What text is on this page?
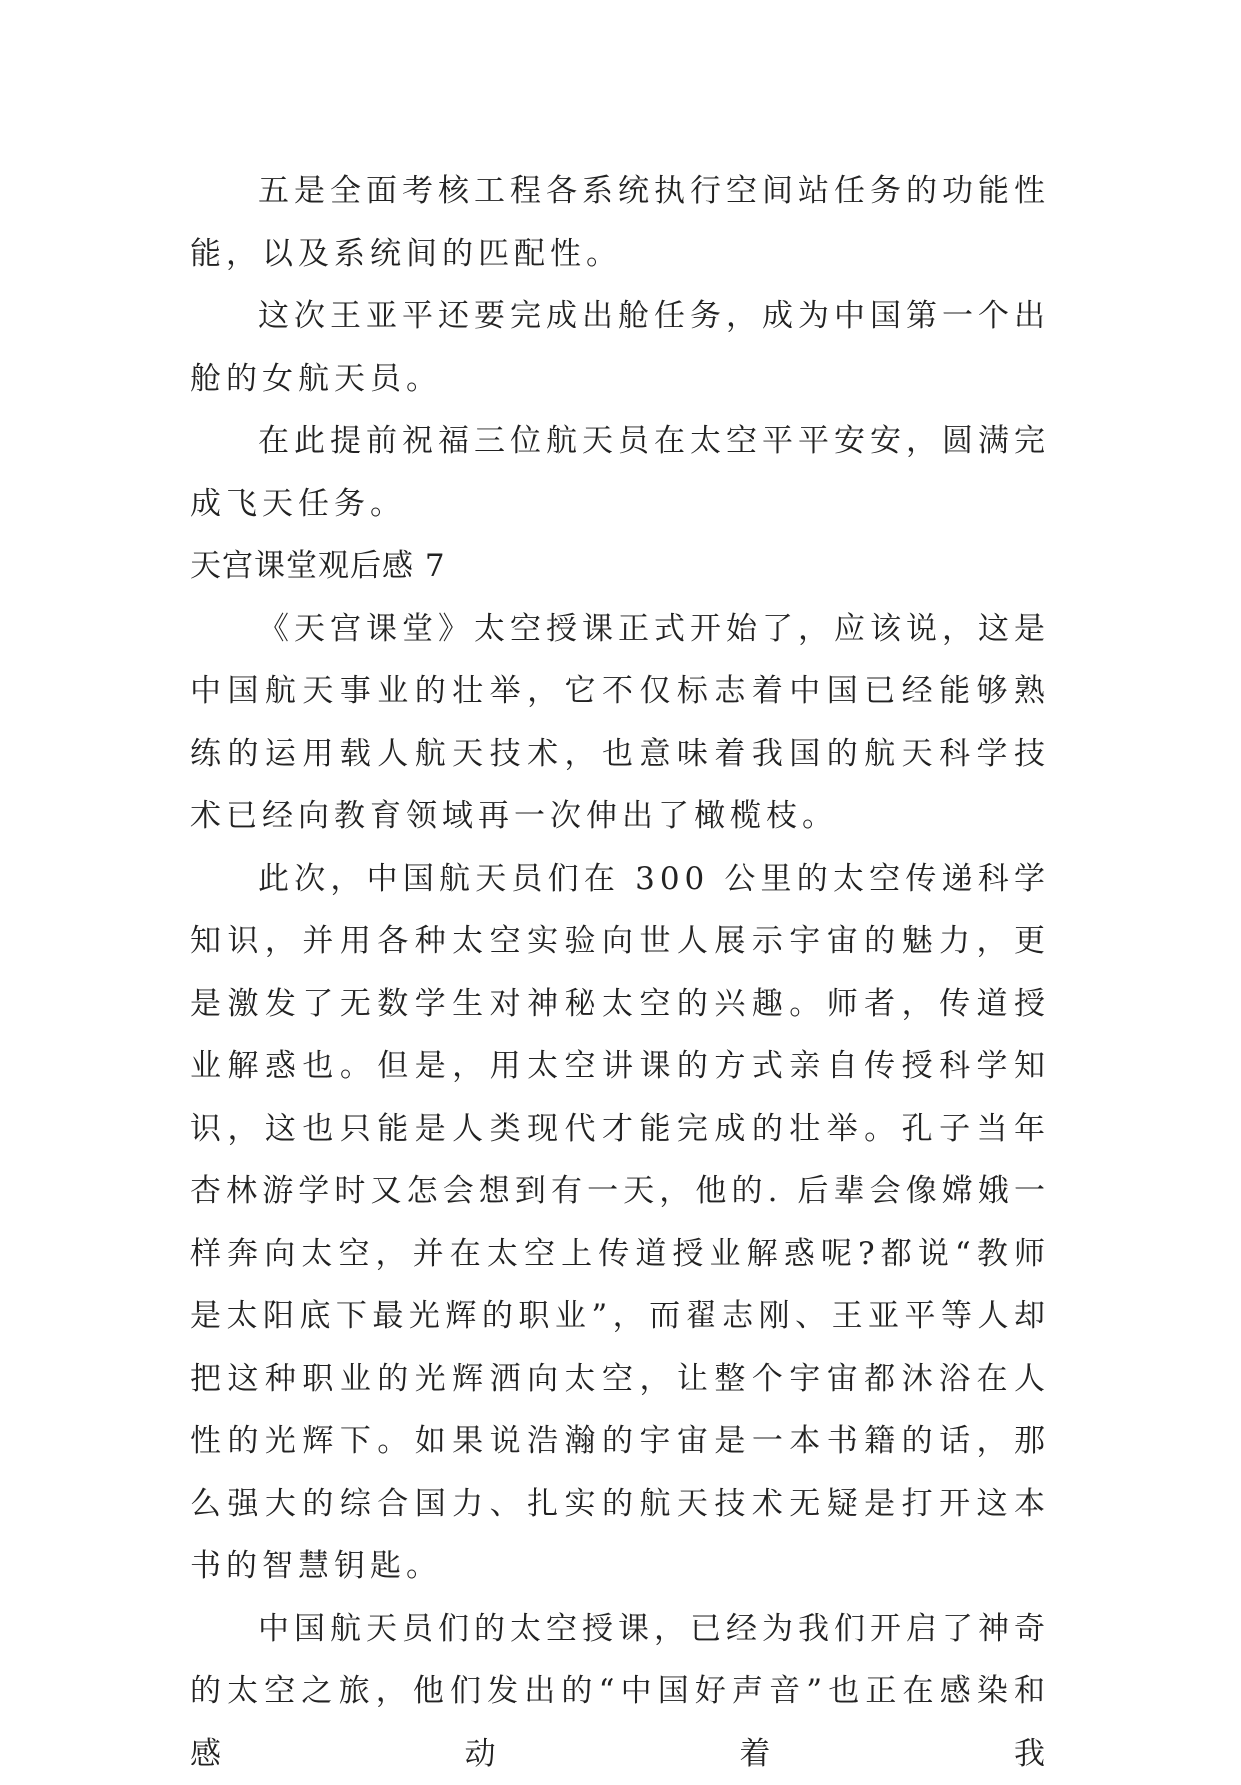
五是全面考核工程各系统执行空间站任务的功能性能，以及系统间的匹配性。

这次王亚平还要完成出舱任务，成为中国第一个出舱的女航天员。

在此提前祝福三位航天员在太空平平安安，圆满完成飞天任务。

天宫课堂观后感 7

《天宫课堂》太空授课正式开始了，应该说，这是中国航天事业的壮举，它不仅标志着中国已经能够熟练的运用载人航天技术，也意味着我国的航天科学技术已经向教育领域再一次伸出了橄榄枝。

此次，中国航天员们在 300 公里的太空传递科学知识，并用各种太空实验向世人展示宇宙的魅力，更是激发了无数学生对神秘太空的兴趣。师者，传道授业解惑也。但是，用太空讲课的方式亲自传授科学知识，这也只能是人类现代才能完成的壮举。孔子当年杏林游学时又怎会想到有一天，他的. 后辈会像嫦娥一样奔向太空，并在太空上传道授业解惑呢?都说“教师是太阳底下最光辉的职业”，而翟志刚、王亚平等人却把这种职业的光辉洒向太空，让整个宇宙都沐浴在人性的光辉下。如果说浩瀚的宇宙是一本书籍的话，那么强大的综合国力、扎实的航天技术无疑是打开这本书的智慧钥匙。

中国航天员们的太空授课，已经为我们开启了神奇的太空之旅，他们发出的“中国好声音”也正在感染和感动着我
